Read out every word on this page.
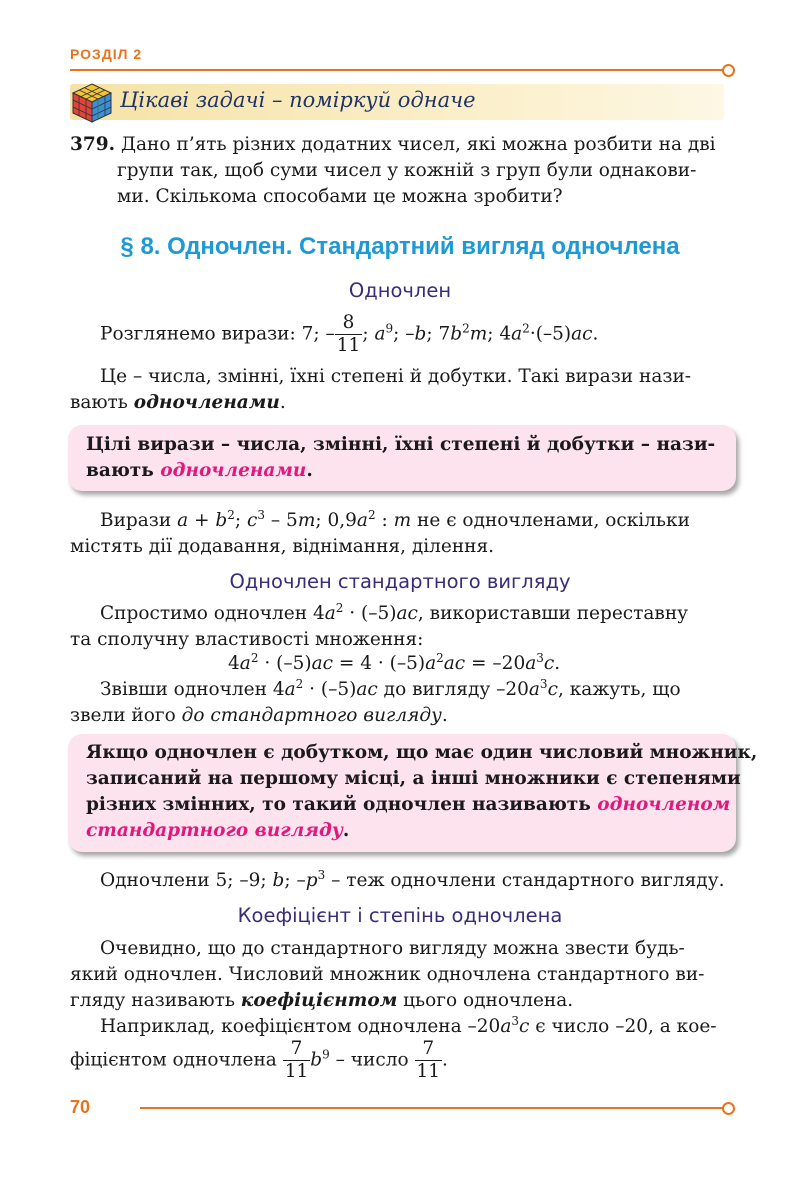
РОЗДІЛ 2
Цікаві задачі – поміркуй одначе
379. Дано п’ять різних додатних чисел, які можна розбити на дві
групи так, щоб суми чисел у кожній з груп були однакови-
ми. Скількома способами це можна зробити?
§ 8. Одночлен. Стандартний вигляд одночлена
Одночлен
Розглянемо вирази: 7; – $\frac{8}{11}$ ; $a^9$; –b; $7b^2m$; $4a^2\cdot(-5)ac$.
Це – числа, змінні, їхні степені й добутки. Такі вирази нази-
вають одночленами.
Цілі вирази – числа, змінні, їхні степені й добутки – нази-
вають одночленами.
Вирази $a + b^2$; $c^3 - 5m$; $0,9a^2$ : m не є одночленами, оскільки
містять дії додавання, віднімання, ділення.
Одночлен стандартного вигляду
Спростимо одночлен $4a^2 \cdot (-5)ac$, використавши переставну
та сполучну властивості множення:
$4a^2 \cdot (-5)ac = 4 \cdot (-5)a^2ac = -20a^3c$.
Звівши одночлен $4a^2 \cdot (-5)ac$ до вигляду $-20a^3c$, кажуть, що
звели його до стандартного вигляду.
Якщо одночлен є добутком, що має один числовий множник,
записаний на першому місці, а інші множники є степенями
різних змінних, то такий одночлен називають одночленом
стандартного вигляду.
Одночлени 5; –9; b; $-p^3$ – теж одночлени стандартного вигляду.
Коефіцієнт і степінь одночлена
Очевидно, що до стандартного вигляду можна звести будь-
який одночлен. Числовий множник одночлена стандартного ви-
гляду називають коефіцієнтом цього одночлена.
Наприклад, коефіцієнтом одночлена $-20a^3c$ є число –20, а кое-
фіцієнтом одночлена $\frac{7}{11} b^9$ – число $\frac{7}{11}$ .
70
